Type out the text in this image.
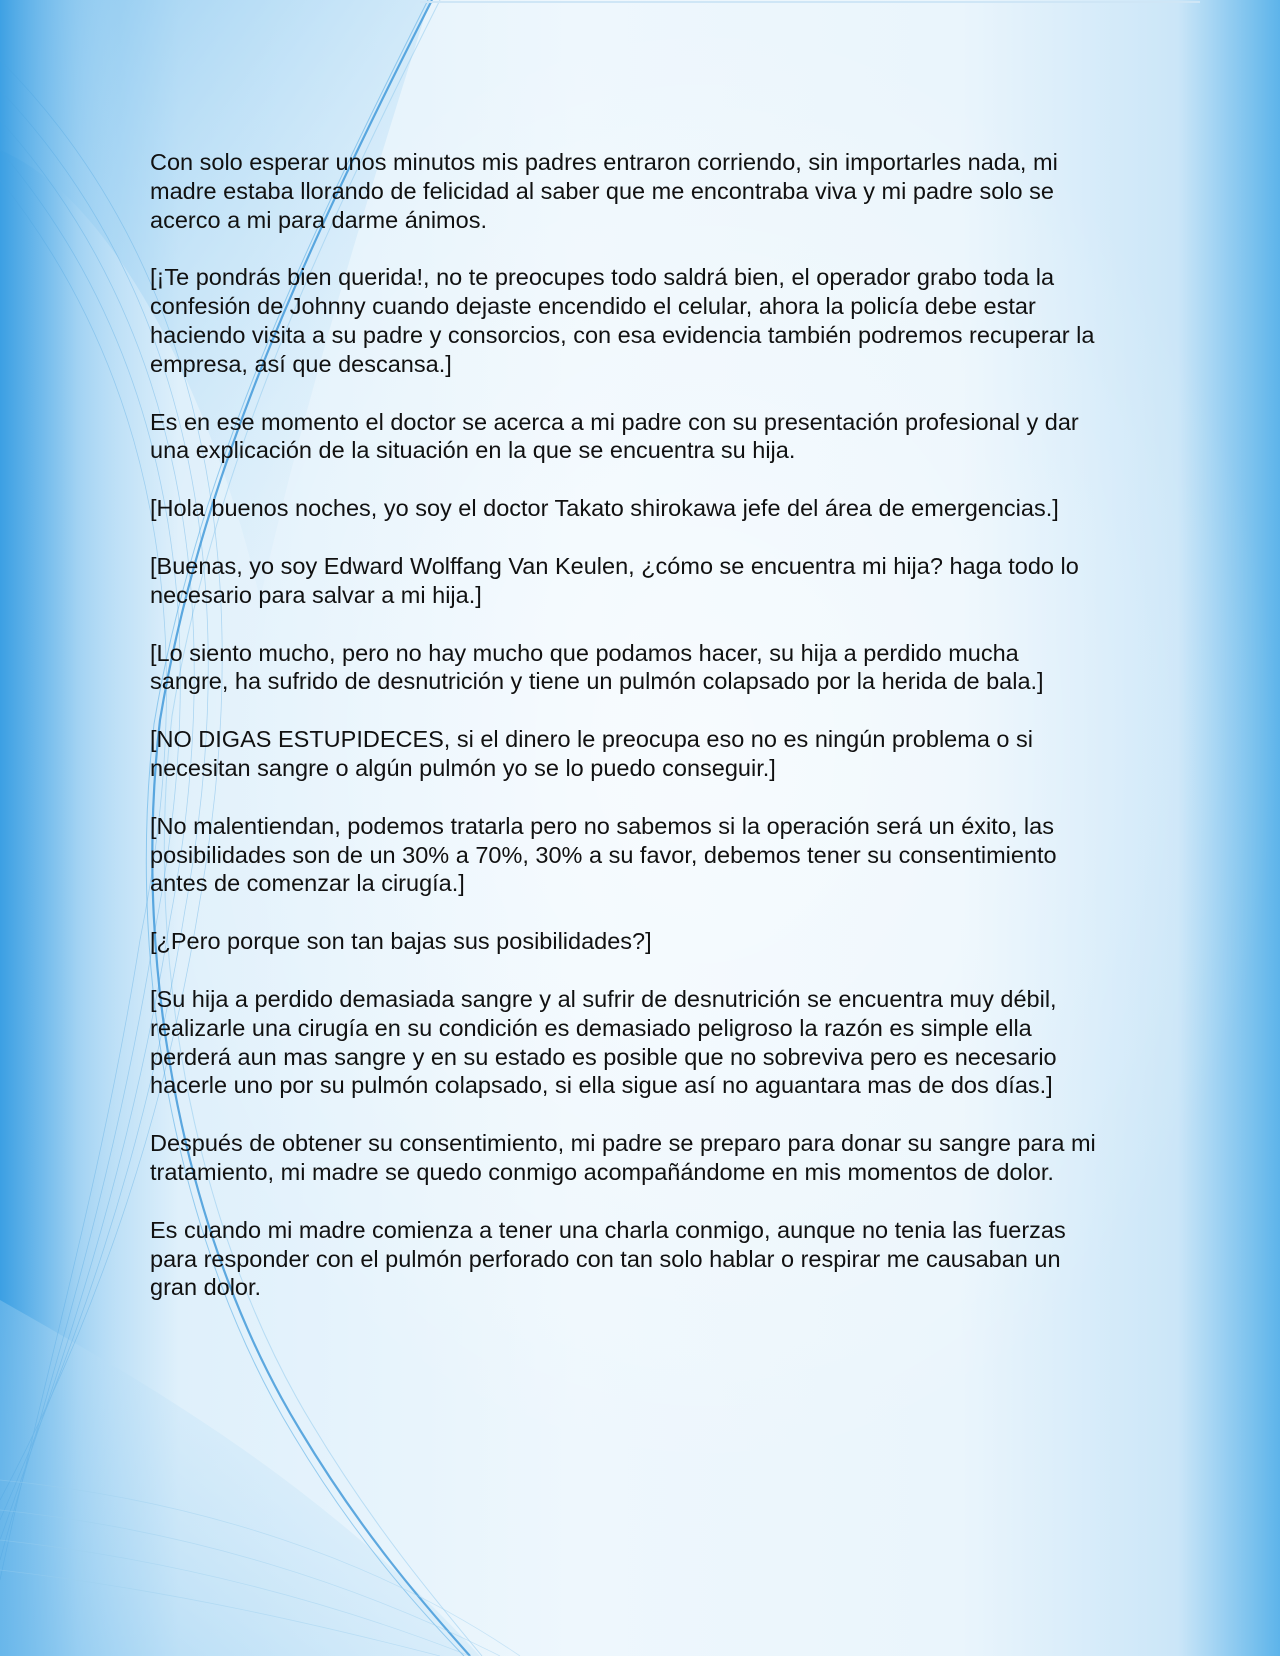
Con solo esperar unos minutos mis padres entraron corriendo, sin importarles nada, mi madre estaba llorando de felicidad al saber que me encontraba viva y mi padre solo se acerco a mi para darme ánimos.

[¡Te pondrás bien querida!, no te preocupes todo saldrá bien, el operador grabo toda la confesión de Johnny cuando dejaste encendido el celular, ahora la policía debe estar haciendo visita a su padre y consorcios, con esa evidencia también podremos recuperar la empresa, así que descansa.]

Es en ese momento el doctor se acerca a mi padre con su presentación profesional y dar una explicación de la situación en la que se encuentra su hija.

[Hola buenos noches, yo soy el doctor Takato shirokawa jefe del área de emergencias.]

[Buenas, yo soy Edward Wolffang Van Keulen, ¿cómo se encuentra mi hija? haga todo lo necesario para salvar a mi hija.]

[Lo siento mucho, pero no hay mucho que podamos hacer, su hija a perdido mucha sangre, ha sufrido de desnutrición y tiene un pulmón colapsado por la herida de bala.]

[NO DIGAS ESTUPIDECES, si el dinero le preocupa eso no es ningún problema o si necesitan sangre o algún pulmón yo se lo puedo conseguir.]

[No malentiendan, podemos tratarla pero no sabemos si la operación será un éxito, las posibilidades son de un 30% a 70%, 30% a su favor, debemos tener su consentimiento antes de comenzar la cirugía.]

[¿Pero porque son tan bajas sus posibilidades?]

[Su hija a perdido demasiada sangre y al sufrir de desnutrición se encuentra muy débil, realizarle una cirugía en su condición es demasiado peligroso la razón es simple ella perderá aun mas sangre y en su estado es posible que no sobreviva pero es necesario hacerle uno por su pulmón colapsado, si ella sigue así no aguantara mas de dos días.]

Después de obtener su consentimiento, mi padre se preparo para donar su sangre para mi tratamiento, mi madre se quedo conmigo acompañándome en mis momentos de dolor.

Es cuando mi madre comienza a tener una charla conmigo, aunque no tenia las fuerzas para responder con el pulmón perforado con tan solo hablar o respirar me causaban un gran dolor.
